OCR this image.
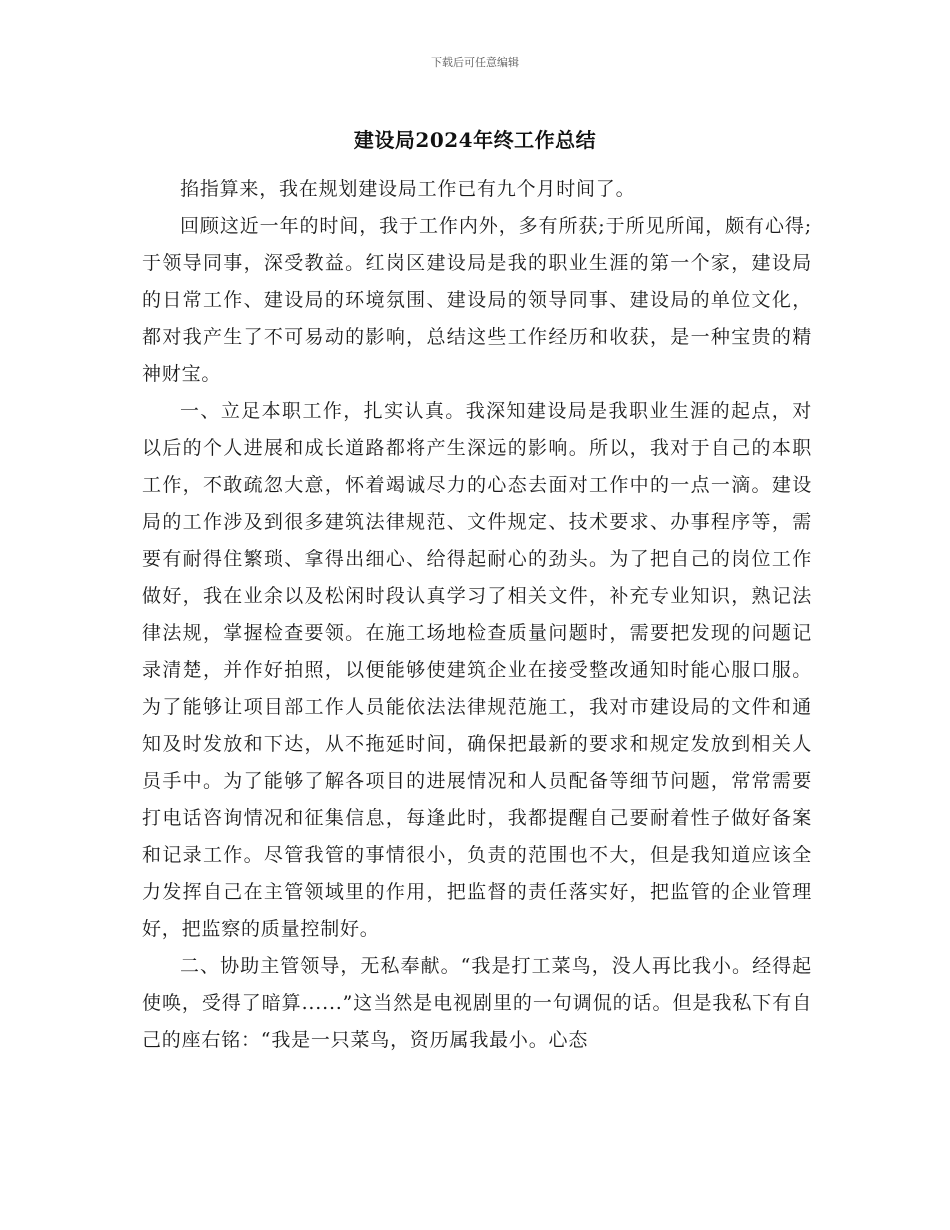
下载后可任意编辑
建设局2024年终工作总结

掐指算来，我在规划建设局工作已有九个月时间了。

回顾这近一年的时间，我于工作内外，多有所获;于所见所闻，颇有心得;于领导同事，深受教益。红岗区建设局是我的职业生涯的第一个家，建设局的日常工作、建设局的环境氛围、建设局的领导同事、建设局的单位文化，都对我产生了不可易动的影响，总结这些工作经历和收获，是一种宝贵的精神财宝。

一、立足本职工作，扎实认真。我深知建设局是我职业生涯的起点，对以后的个人进展和成长道路都将产生深远的影响。所以，我对于自己的本职工作，不敢疏忽大意，怀着竭诚尽力的心态去面对工作中的一点一滴。建设局的工作涉及到很多建筑法律规范、文件规定、技术要求、办事程序等，需要有耐得住繁琐、拿得出细心、给得起耐心的劲头。为了把自己的岗位工作做好，我在业余以及松闲时段认真学习了相关文件，补充专业知识，熟记法律法规，掌握检查要领。在施工场地检查质量问题时，需要把发现的问题记录清楚，并作好拍照，以便能够使建筑企业在接受整改通知时能心服口服。为了能够让项目部工作人员能依法法律规范施工，我对市建设局的文件和通知及时发放和下达，从不拖延时间，确保把最新的要求和规定发放到相关人员手中。为了能够了解各项目的进展情况和人员配备等细节问题，常常需要打电话咨询情况和征集信息，每逢此时，我都提醒自己要耐着性子做好备案和记录工作。尽管我管的事情很小，负责的范围也不大，但是我知道应该全力发挥自己在主管领域里的作用，把监督的责任落实好，把监管的企业管理好，把监察的质量控制好。

二、协助主管领导，无私奉献。“我是打工菜鸟，没人再比我小。经得起使唤，受得了暗算......”这当然是电视剧里的一句调侃的话。但是我私下有自己的座右铭：“我是一只菜鸟，资历属我最小。心态
